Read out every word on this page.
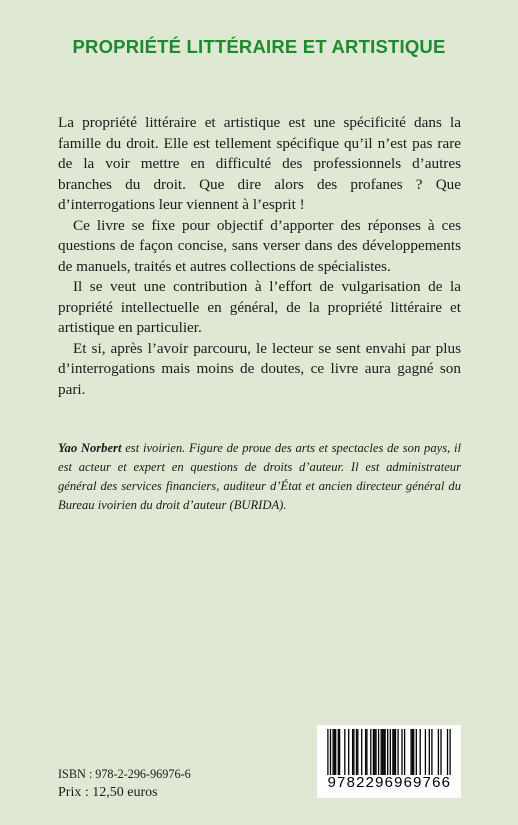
PROPRIÉTÉ LITTÉRAIRE ET ARTISTIQUE

La propriété littéraire et artistique est une spécificité dans la famille du droit. Elle est tellement spécifique qu’il n’est pas rare de la voir mettre en difficulté des professionnels d’autres branches du droit. Que dire alors des profanes ? Que d’interrogations leur viennent à l’esprit !

Ce livre se fixe pour objectif d’apporter des réponses à ces questions de façon concise, sans verser dans des développements de manuels, traités et autres collections de spécialistes.

Il se veut une contribution à l’effort de vulgarisation de la propriété intellectuelle en général, de la propriété littéraire et artistique en particulier.

Et si, après l’avoir parcouru, le lecteur se sent envahi par plus d’interrogations mais moins de doutes, ce livre aura gagné son pari.

Yao Norbert est ivoirien. Figure de proue des arts et spectacles de son pays, il est acteur et expert en questions de droits d’auteur. Il est administrateur général des services financiers, auditeur d’État et ancien directeur général du Bureau ivoirien du droit d’auteur (BURIDA).
ISBN : 978-2-296-96976-6
Prix : 12,50 euros
9782296969766
